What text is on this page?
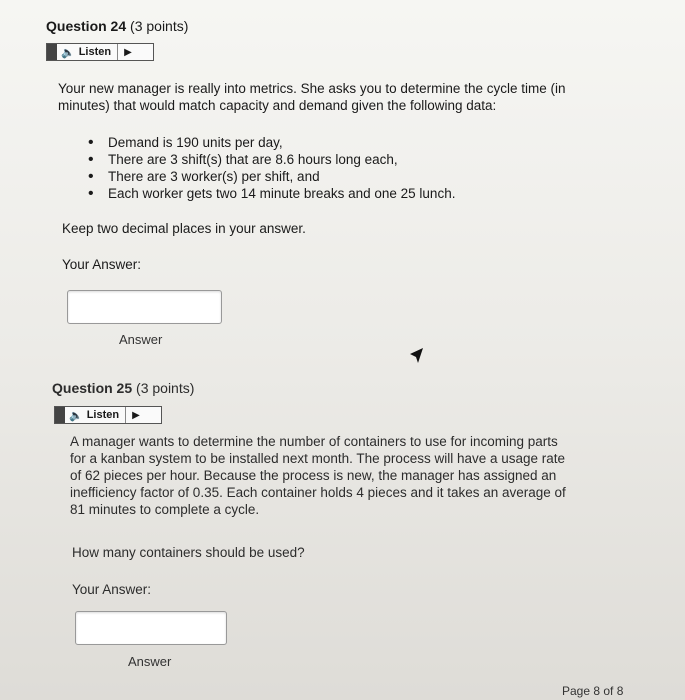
Question 24 (3 points)
🔈 Listen	▶
Your new manager is really into metrics. She asks you to determine the cycle time (in
minutes) that would match capacity and demand given the following data:
• Demand is 190 units per day,
• There are 3 shift(s) that are 8.6 hours long each,
• There are 3 worker(s) per shift, and
• Each worker gets two 14 minute breaks and one 25 lunch.
Keep two decimal places in your answer.
Your Answer:
Answer
Question 25 (3 points)
🔈 Listen	▶
A manager wants to determine the number of containers to use for incoming parts
for a kanban system to be installed next month. The process will have a usage rate
of 62 pieces per hour. Because the process is new, the manager has assigned an
inefficiency factor of 0.35. Each container holds 4 pieces and it takes an average of
81 minutes to complete a cycle.
How many containers should be used?
Your Answer:
Answer
Page 8 of 8
